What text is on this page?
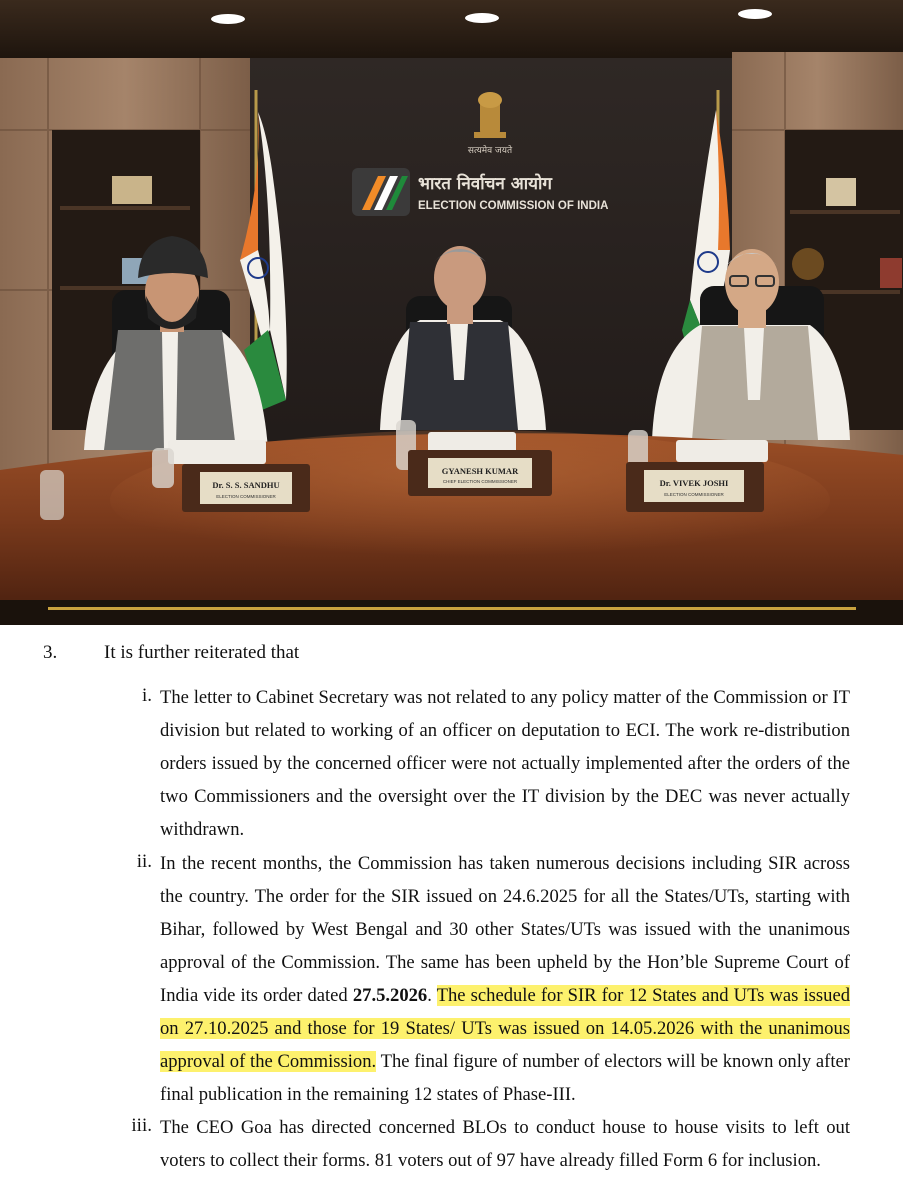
सत्यमेव जयते
भारत निर्वाचन आयोग
ELECTION COMMISSION OF INDIA
Dr. S. S. SANDHU
ELECTION COMMISSIONER
GYANESH KUMAR
CHIEF ELECTION COMMISSIONER	Dr. VIVEK JOSHI
ELECTION COMMISSIONER
3. It is further reiterated that
i. The letter to Cabinet Secretary was not related to any policy matter of the Commission or IT division but related to working of an officer on deputation to ECI. The work re-distribution orders issued by the concerned officer were not actually implemented after the orders of the two Commissioners and the oversight over the IT division by the DEC was never actually withdrawn.
ii. In the recent months, the Commission has taken numerous decisions including SIR across the country. The order for the SIR issued on 24.6.2025 for all the States/UTs, starting with Bihar, followed by West Bengal and 30 other States/UTs was issued with the unanimous approval of the Commission. The same has been upheld by the Hon’ble Supreme Court of India vide its order dated 27.5.2026. The schedule for SIR for 12 States and UTs was issued on 27.10.2025 and those for 19 States/ UTs was issued on 14.05.2026 with the unanimous approval of the Commission. The final figure of number of electors will be known only after final publication in the remaining 12 states of Phase-III.
iii. The CEO Goa has directed concerned BLOs to conduct house to house visits to left out voters to collect their forms. 81 voters out of 97 have already filled Form 6 for inclusion.
